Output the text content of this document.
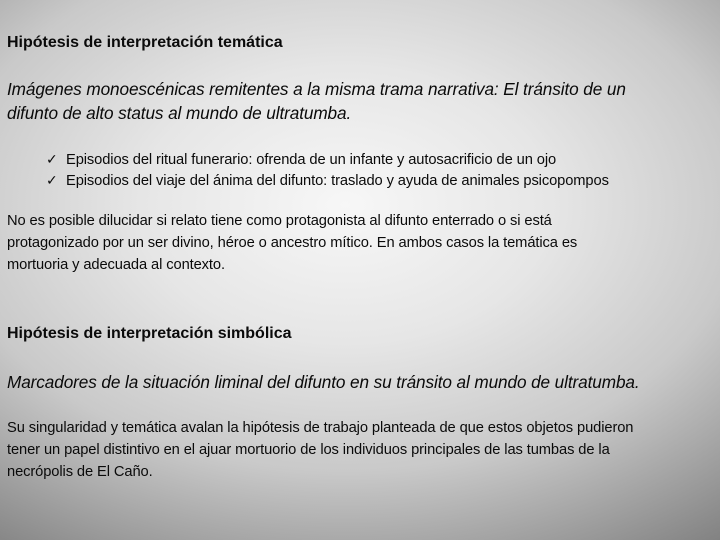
Hipótesis de interpretación temática

Imágenes monoescénicas remitentes a la misma trama narrativa: El tránsito de un

difunto de alto status al mundo de ultratumba.

✓ Episodios del ritual funerario: ofrenda de un infante y autosacrificio de un ojo
✓ Episodios del viaje del ánima del difunto: traslado y ayuda de animales psicopompos

No es posible dilucidar si relato tiene como protagonista al difunto enterrado o si está

protagonizado por un ser divino, héroe o ancestro mítico. En ambos casos la temática es

mortuoria y adecuada al contexto.

Hipótesis de interpretación simbólica

Marcadores de la situación liminal del difunto en su tránsito al mundo de ultratumba.

Su singularidad y temática avalan la hipótesis de trabajo planteada de que estos objetos pudieron

tener un papel distintivo en el ajuar mortuorio de los individuos principales de las tumbas de la

necrópolis de El Caño.
